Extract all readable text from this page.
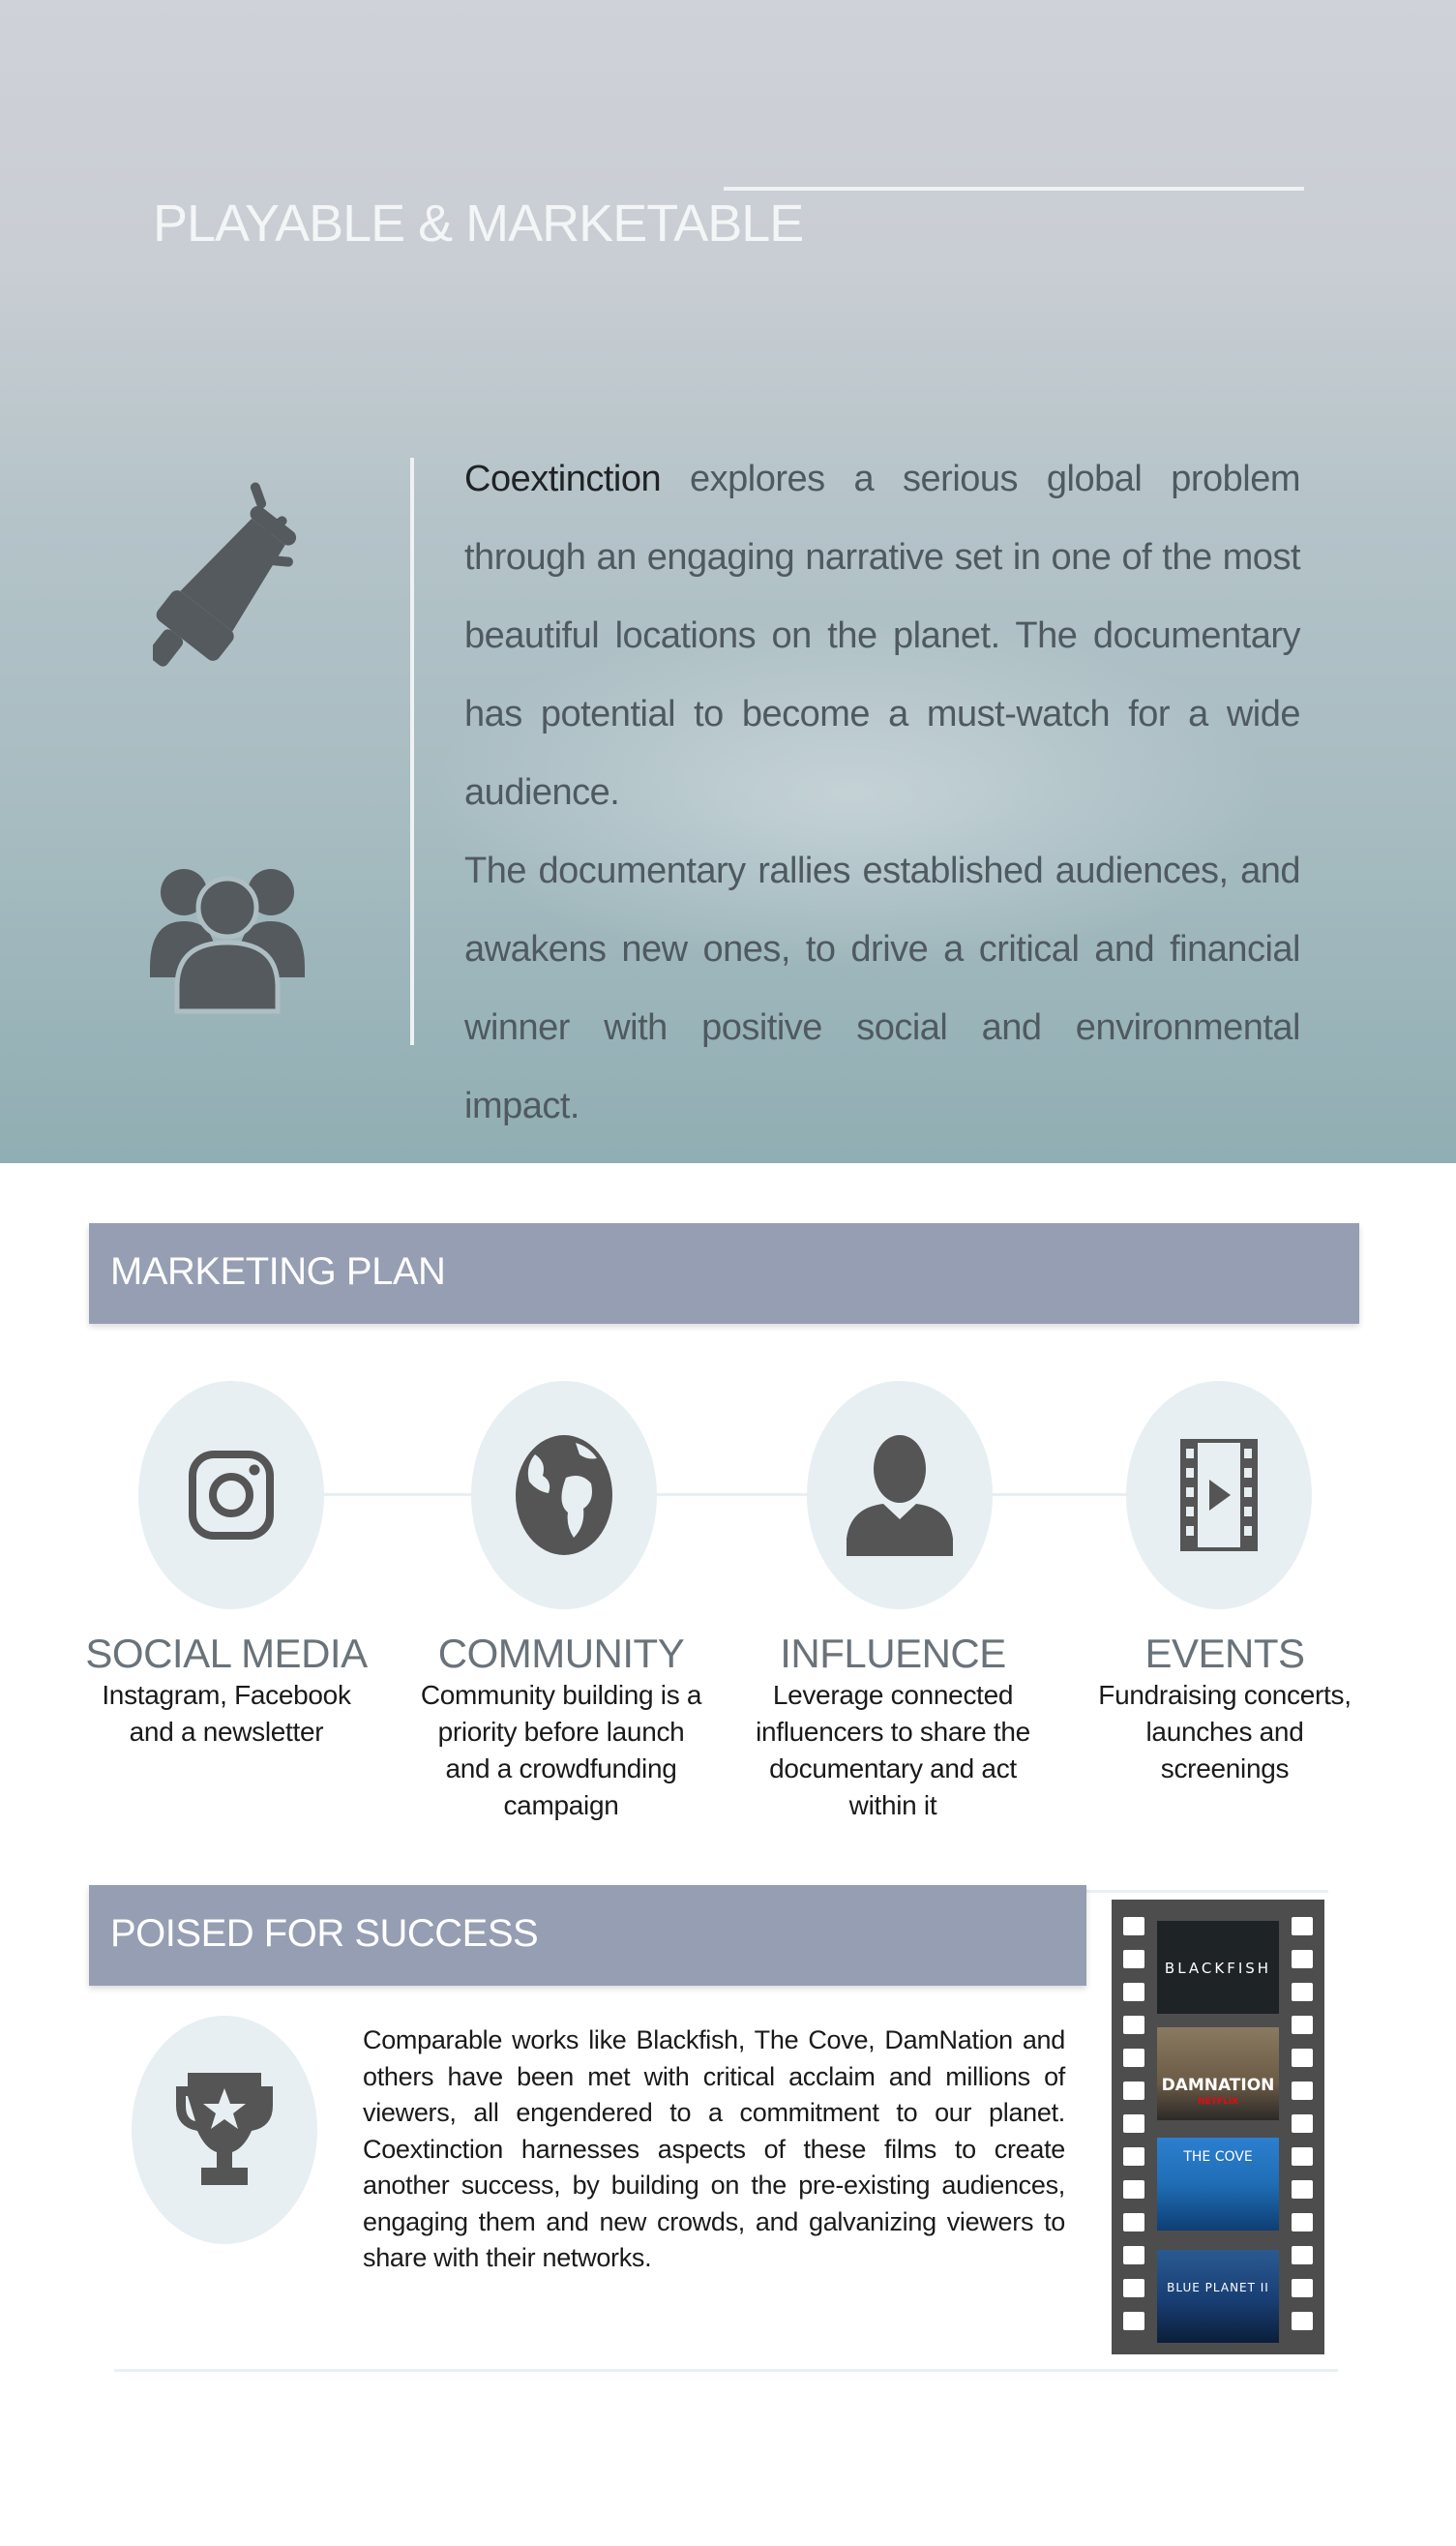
PLAYABLE & MARKETABLE

Coextinction explores a serious global problem through an engaging narrative set in one of the most beautiful locations on the planet. The documentary has potential to become a must-watch for a wide audience.

The documentary rallies established audiences, and awakens new ones, to drive a critical and financial winner with positive social and environmental impact.

MARKETING PLAN
SOCIAL MEDIA
Instagram, Facebook and a newsletter
COMMUNITY
Community building is a priority before launch and a crowdfunding campaign
INFLUENCE
Leverage connected influencers to share the documentary and act within it
EVENTS
Fundraising concerts, launches and screenings
POISED FOR SUCCESS

Comparable works like Blackfish, The Cove, DamNation and others have been met with critical acclaim and millions of viewers, all engendered to a commitment to our planet. Coextinction harnesses aspects of these films to create another success, by building on the pre-existing audiences, engaging them and new crowds, and galvanizing viewers to share with their networks.

BLACKFISH
DAMNATION
NETFLIX
THE COVE
BLUE PLANET II
